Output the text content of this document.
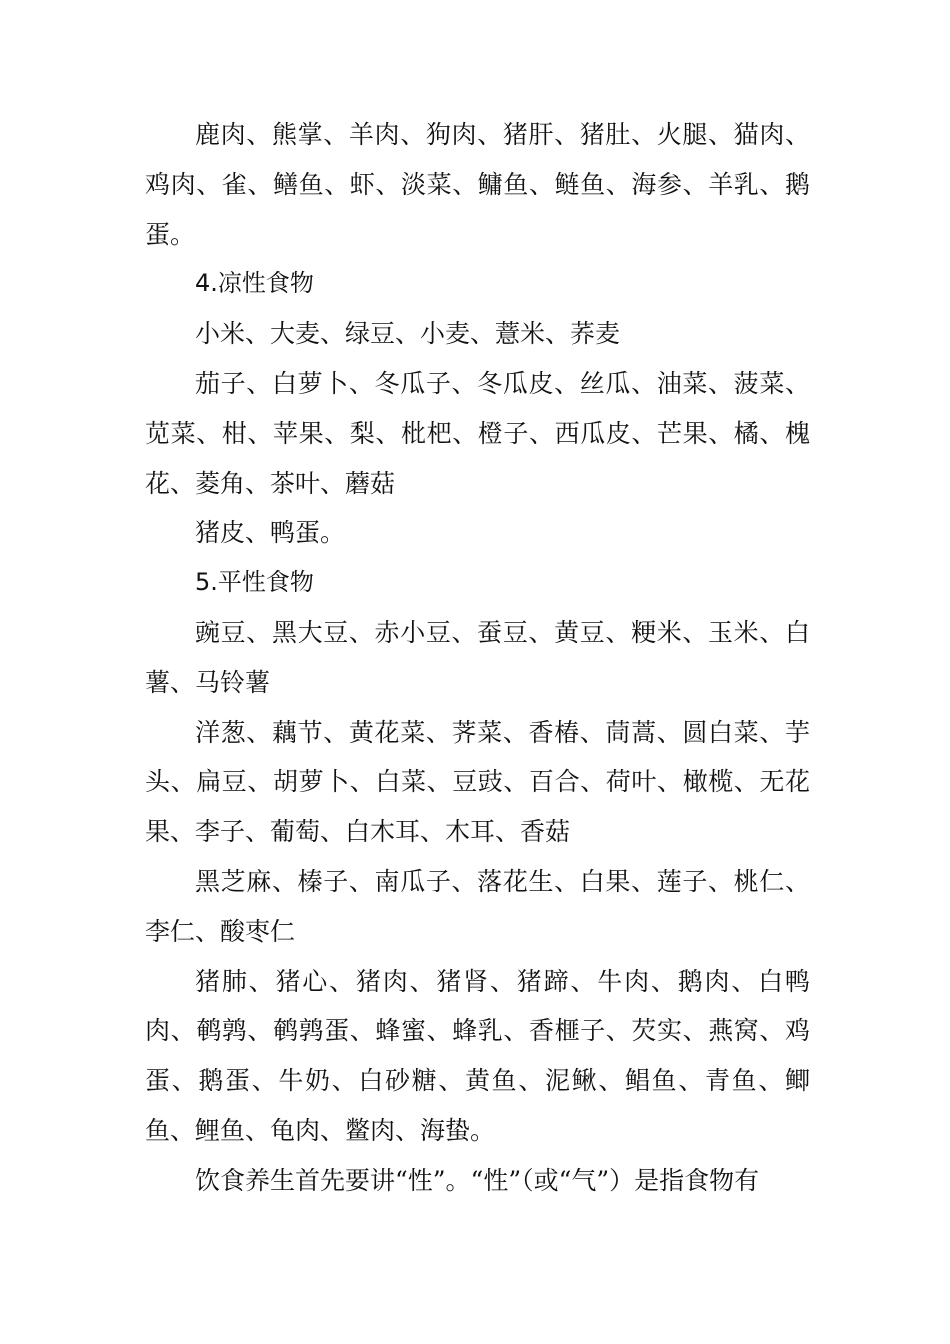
鹿肉、熊掌、羊肉、狗肉、猪肝、猪肚、火腿、猫肉、鸡肉、雀、鳝鱼、虾、淡菜、鳙鱼、鲢鱼、海参、羊乳、鹅蛋。

4.凉性食物

小米、大麦、绿豆、小麦、薏米、荞麦

茄子、白萝卜、冬瓜子、冬瓜皮、丝瓜、油菜、菠菜、苋菜、柑、苹果、梨、枇杷、橙子、西瓜皮、芒果、橘、槐花、菱角、茶叶、蘑菇

猪皮、鸭蛋。

5.平性食物

豌豆、黑大豆、赤小豆、蚕豆、黄豆、粳米、玉米、白薯、马铃薯

洋葱、藕节、黄花菜、荠菜、香椿、茼蒿、圆白菜、芋头、扁豆、胡萝卜、白菜、豆豉、百合、荷叶、橄榄、无花果、李子、葡萄、白木耳、木耳、香菇

黑芝麻、榛子、南瓜子、落花生、白果、莲子、桃仁、李仁、酸枣仁

猪肺、猪心、猪肉、猪肾、猪蹄、牛肉、鹅肉、白鸭肉、鹌鹑、鹌鹑蛋、蜂蜜、蜂乳、香榧子、芡实、燕窝、鸡蛋、鹅蛋、牛奶、白砂糖、黄鱼、泥鳅、鲳鱼、青鱼、鲫鱼、鲤鱼、龟肉、鳖肉、海蛰。

饮食养生首先要讲“性”。“性”（或“气”）是指食物有
